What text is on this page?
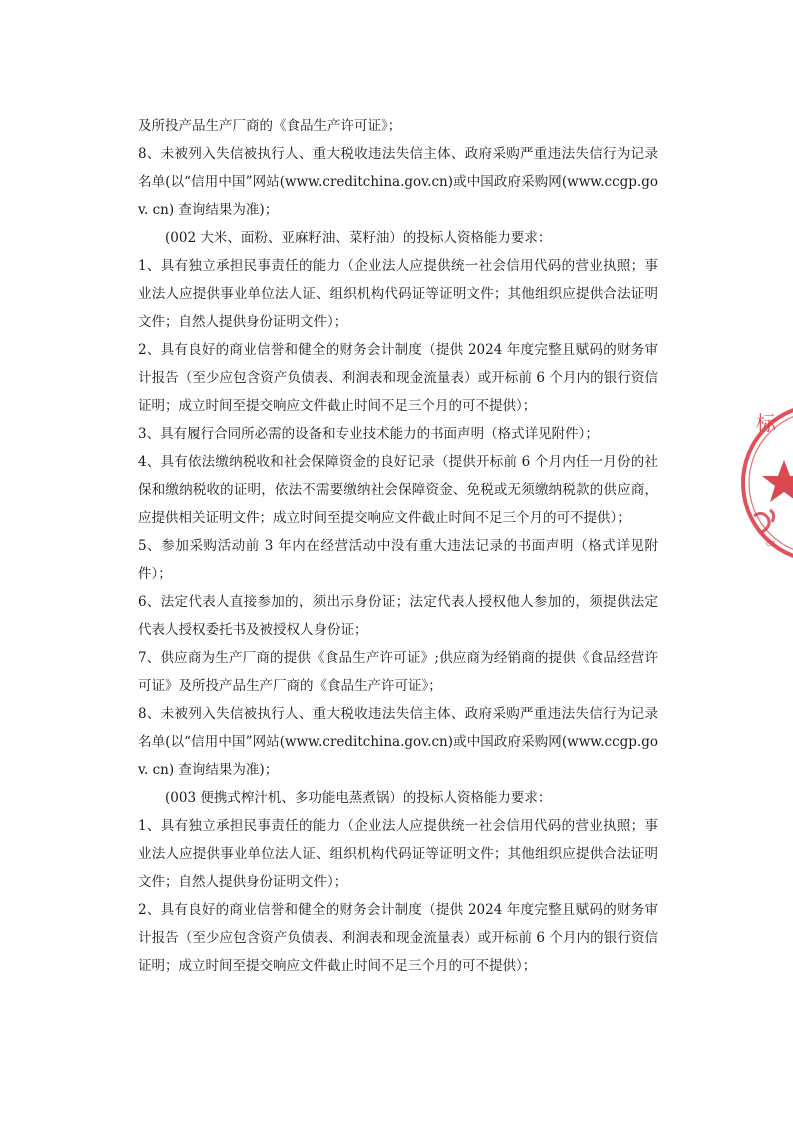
及所投产品生产厂商的《食品生产许可证》；

8、未被列入失信被执行人、重大税收违法失信主体、政府采购严重违法失信行为记录名单(以“信用中国”网站(www.creditchina.gov.cn)或中国政府采购网(www.ccgp.gov. cn) 查询结果为准)；

(002 大米、面粉、亚麻籽油、菜籽油）的投标人资格能力要求：

1、具有独立承担民事责任的能力（企业法人应提供统一社会信用代码的营业执照；事业法人应提供事业单位法人证、组织机构代码证等证明文件；其他组织应提供合法证明文件；自然人提供身份证明文件）；

2、具有良好的商业信誉和健全的财务会计制度（提供 2024 年度完整且赋码的财务审计报告（至少应包含资产负债表、利润表和现金流量表）或开标前 6 个月内的银行资信证明；成立时间至提交响应文件截止时间不足三个月的可不提供）；

3、具有履行合同所必需的设备和专业技术能力的书面声明（格式详见附件）；

4、具有依法缴纳税收和社会保障资金的良好记录（提供开标前 6 个月内任一月份的社保和缴纳税收的证明，依法不需要缴纳社会保障资金、免税或无须缴纳税款的供应商，应提供相关证明文件；成立时间至提交响应文件截止时间不足三个月的可不提供）；

5、参加采购活动前 3 年内在经营活动中没有重大违法记录的书面声明（格式详见附件）；

6、法定代表人直接参加的，须出示身份证；法定代表人授权他人参加的，须提供法定代表人授权委托书及被授权人身份证；

7、供应商为生产厂商的提供《食品生产许可证》;供应商为经销商的提供《食品经营许可证》及所投产品生产厂商的《食品生产许可证》；

8、未被列入失信被执行人、重大税收违法失信主体、政府采购严重违法失信行为记录名单(以“信用中国”网站(www.creditchina.gov.cn)或中国政府采购网(www.ccgp.gov. cn) 查询结果为准)；

(003 便携式榨汁机、多功能电蒸煮锅）的投标人资格能力要求：

1、具有独立承担民事责任的能力（企业法人应提供统一社会信用代码的营业执照；事业法人应提供事业单位法人证、组织机构代码证等证明文件；其他组织应提供合法证明文件；自然人提供身份证明文件）；

2、具有良好的商业信誉和健全的财务会计制度（提供 2024 年度完整且赋码的财务审计报告（至少应包含资产负债表、利润表和现金流量表）或开标前 6 个月内的银行资信证明；成立时间至提交响应文件截止时间不足三个月的可不提供）；

标
C7
